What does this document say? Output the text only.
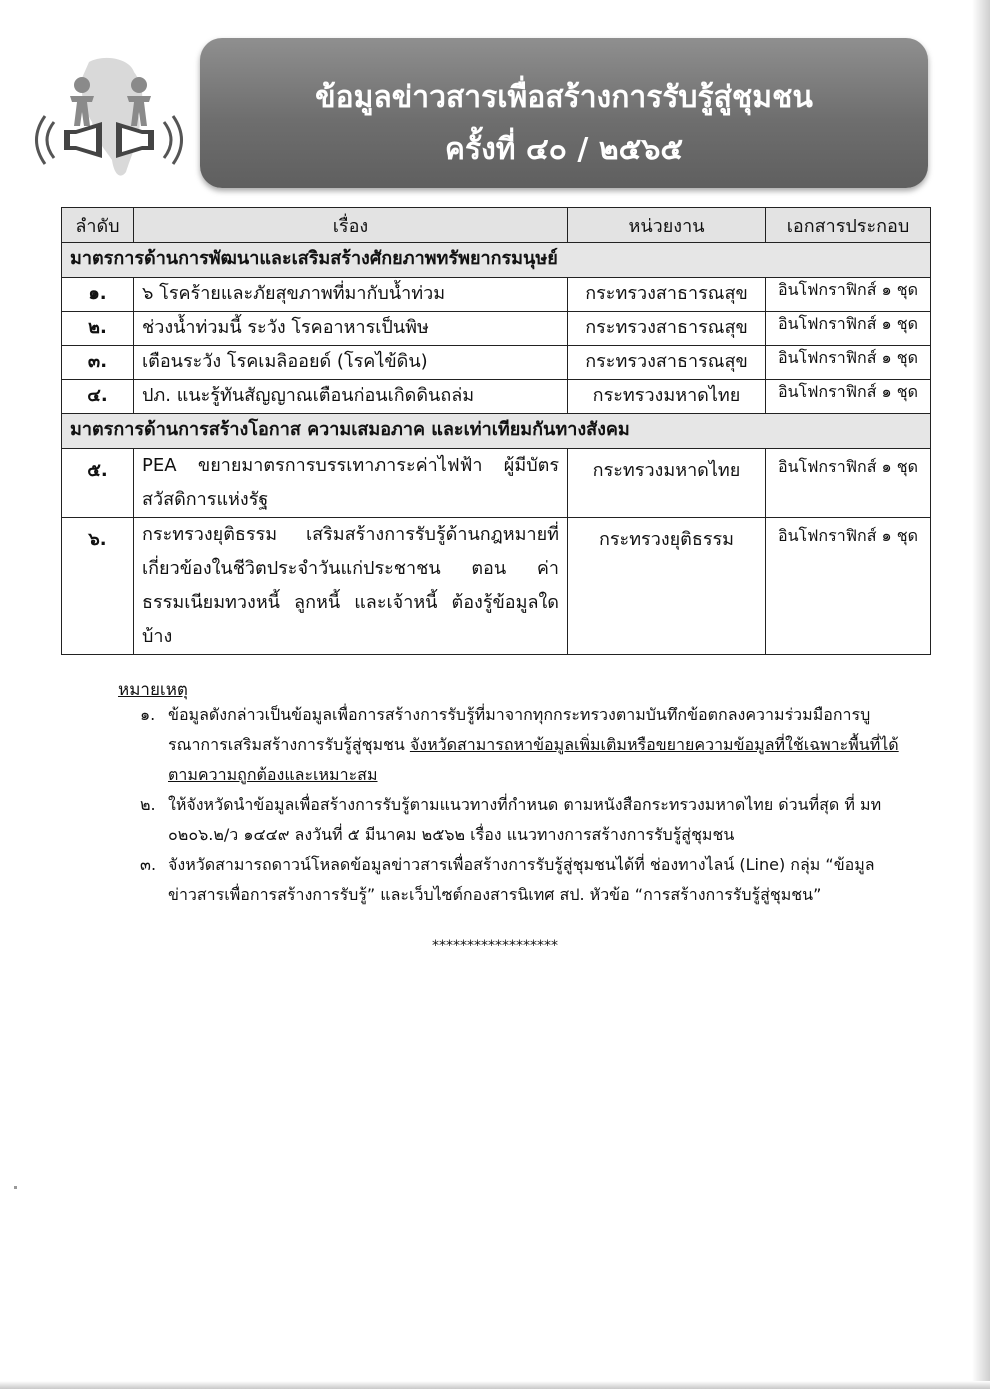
ข้อมูลข่าวสารเพื่อสร้างการรับรู้สู่ชุมชน
ครั้งที่ ๔๐ / ๒๕๖๕
ลำดับ	เรื่อง	หน่วยงาน	เอกสารประกอบ
มาตรการด้านการพัฒนาและเสริมสร้างศักยภาพทรัพยากรมนุษย์			
๑.	๖ โรคร้ายและภัยสุขภาพที่มากับน้ำท่วม	กระทรวงสาธารณสุข	อินโฟกราฟิกส์ ๑ ชุด
๒.	ช่วงน้ำท่วมนี้ ระวัง โรคอาหารเป็นพิษ	กระทรวงสาธารณสุข	อินโฟกราฟิกส์ ๑ ชุด
๓.	เตือนระวัง โรคเมลิออยด์ (โรคไข้ดิน)	กระทรวงสาธารณสุข	อินโฟกราฟิกส์ ๑ ชุด
๔.	ปภ. แนะรู้ทันสัญญาณเตือนก่อนเกิดดินถล่ม	กระทรวงมหาดไทย	อินโฟกราฟิกส์ ๑ ชุด
มาตรการด้านการสร้างโอกาส ความเสมอภาค และเท่าเทียมกันทางสังคม			
๕.	PEA ขยายมาตรการบรรเทาภาระค่าไฟฟ้า ผู้มีบัตรสวัสดิการแห่งรัฐ	กระทรวงมหาดไทย	อินโฟกราฟิกส์ ๑ ชุด
๖.	กระทรวงยุติธรรม เสริมสร้างการรับรู้ด้านกฎหมายที่เกี่ยวข้องในชีวิตประจำวันแก่ประชาชน ตอน ค่าธรรมเนียมทวงหนี้ ลูกหนี้ และเจ้าหนี้ ต้องรู้ข้อมูลใดบ้าง	กระทรวงยุติธรรม	อินโฟกราฟิกส์ ๑ ชุด
หมายเหตุ
๑. ข้อมูลดังกล่าวเป็นข้อมูลเพื่อการสร้างการรับรู้ที่มาจากทุกกระทรวงตามบันทึกข้อตกลงความร่วมมือการบูรณาการเสริมสร้างการรับรู้สู่ชุมชน จังหวัดสามารถหาข้อมูลเพิ่มเติมหรือขยายความข้อมูลที่ใช้เฉพาะพื้นที่ได้ตามความถูกต้องและเหมาะสม
๒. ให้จังหวัดนำข้อมูลเพื่อสร้างการรับรู้ตามแนวทางที่กำหนด ตามหนังสือกระทรวงมหาดไทย ด่วนที่สุด ที่ มท ๐๒๐๖.๒/ว ๑๔๔๙ ลงวันที่ ๕ มีนาคม ๒๕๖๒ เรื่อง แนวทางการสร้างการรับรู้สู่ชุมชน
๓. จังหวัดสามารถดาวน์โหลดข้อมูลข่าวสารเพื่อสร้างการรับรู้สู่ชุมชนได้ที่ ช่องทางไลน์ (Line) กลุ่ม “ข้อมูลข่าวสารเพื่อการสร้างการรับรู้” และเว็บไซต์กองสารนิเทศ สป. หัวข้อ “การสร้างการรับรู้สู่ชุมชน”
******************
